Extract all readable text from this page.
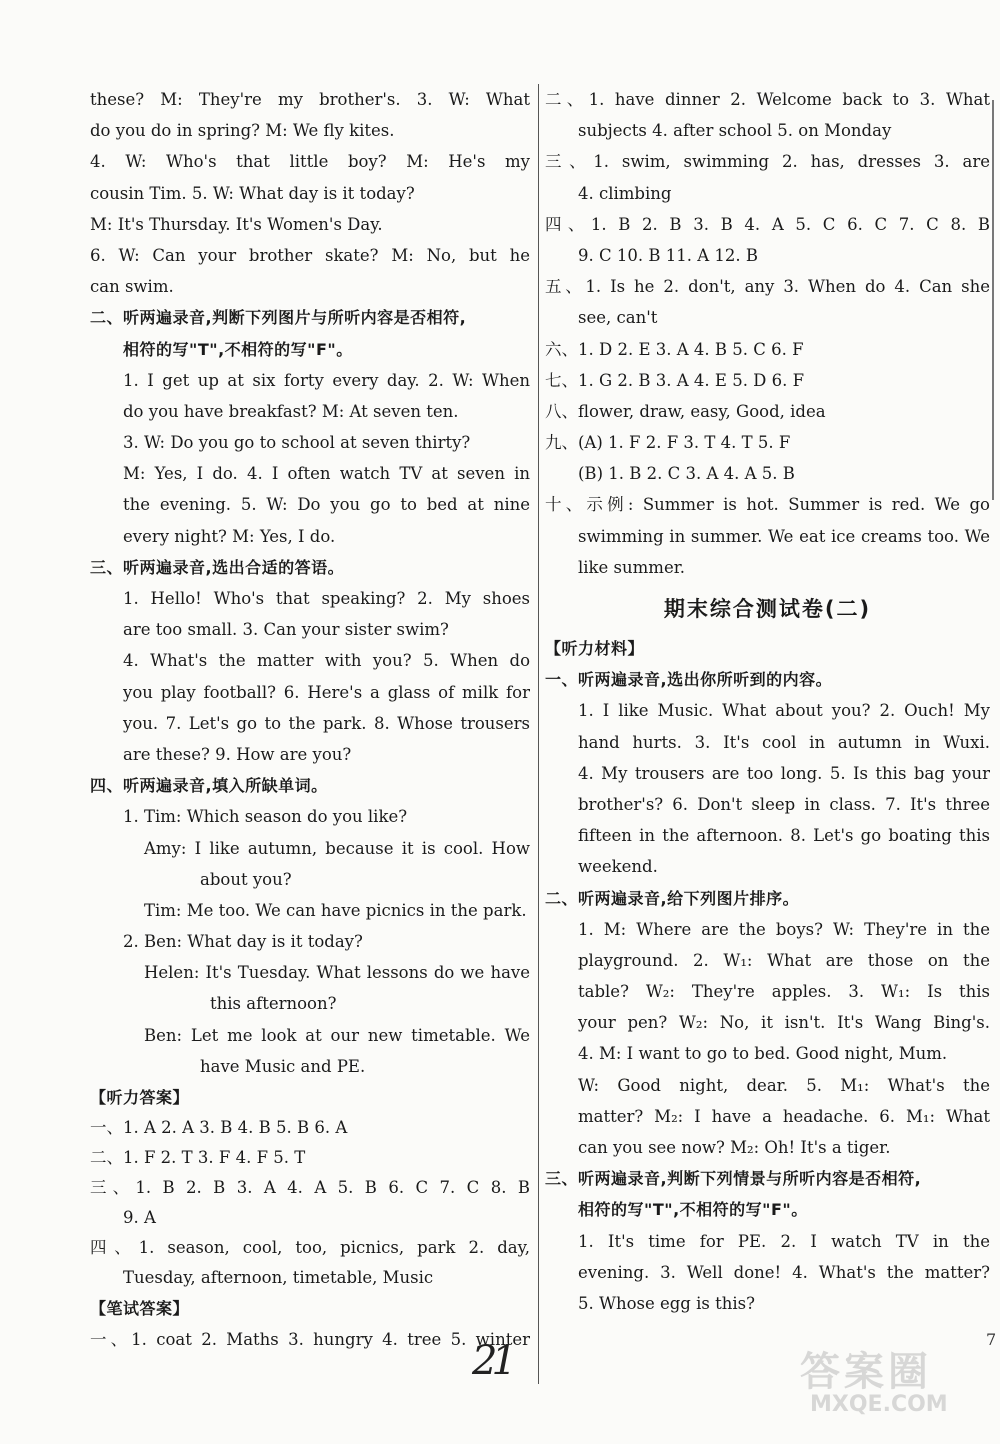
these? M: They're my brother's. 3. W: What
do you do in spring? M: We fly kites.
4. W: Who's that little boy? M: He's my
cousin Tim. 5. W: What day is it today?
M: It's Thursday. It's Women's Day.
6. W: Can your brother skate? M: No, but he
can swim.
二、听两遍录音,判断下列图片与所听内容是否相符,
相符的写"T",不相符的写"F"。
1. I get up at six forty every day. 2. W: When
do you have breakfast? M: At seven ten.
3. W: Do you go to school at seven thirty?
M: Yes, I do. 4. I often watch TV at seven in
the evening. 5. W: Do you go to bed at nine
every night? M: Yes, I do.
三、听两遍录音,选出合适的答语。
1. Hello! Who's that speaking? 2. My shoes
are too small. 3. Can your sister swim?
4. What's the matter with you? 5. When do
you play football? 6. Here's a glass of milk for
you. 7. Let's go to the park. 8. Whose trousers
are these? 9. How are you?
四、听两遍录音,填入所缺单词。
1. Tim: Which season do you like?
Amy: I like autumn, because it is cool. How
about you?
Tim: Me too. We can have picnics in the park.
2. Ben: What day is it today?
Helen: It's Tuesday. What lessons do we have
this afternoon?
Ben: Let me look at our new timetable. We
have Music and PE.
【听力答案】
一、1. A 2. A 3. B 4. B 5. B 6. A
二、1. F 2. T 3. F 4. F 5. T
三、1. B 2. B 3. A 4. A 5. B 6. C 7. C 8. B
9. A
四、1. season, cool, too, picnics, park 2. day,
Tuesday, afternoon, timetable, Music
【笔试答案】
一、1. coat 2. Maths 3. hungry 4. tree 5. winter
二、1. have dinner 2. Welcome back to 3. What
subjects 4. after school 5. on Monday
三、1. swim, swimming 2. has, dresses 3. are
4. climbing
四、1. B 2. B 3. B 4. A 5. C 6. C 7. C 8. B
9. C 10. B 11. A 12. B
五、1. Is he 2. don't, any 3. When do 4. Can she
see, can't
六、1. D 2. E 3. A 4. B 5. C 6. F
七、1. G 2. B 3. A 4. E 5. D 6. F
八、flower, draw, easy, Good, idea
九、(A) 1. F 2. F 3. T 4. T 5. F
(B) 1. B 2. C 3. A 4. A 5. B
十、示例: Summer is hot. Summer is red. We go
swimming in summer. We eat ice creams too. We
like summer.
期末综合测试卷(二)
【听力材料】
一、听两遍录音,选出你所听到的内容。
1. I like Music. What about you? 2. Ouch! My
hand hurts. 3. It's cool in autumn in Wuxi.
4. My trousers are too long. 5. Is this bag your
brother's? 6. Don't sleep in class. 7. It's three
fifteen in the afternoon. 8. Let's go boating this
weekend.
二、听两遍录音,给下列图片排序。
1. M: Where are the boys? W: They're in the
playground. 2. W₁: What are those on the
table? W₂: They're apples. 3. W₁: Is this
your pen? W₂: No, it isn't. It's Wang Bing's.
4. M: I want to go to bed. Good night, Mum.
W: Good night, dear. 5. M₁: What's the
matter? M₂: I have a headache. 6. M₁: What
can you see now? M₂: Oh! It's a tiger.
三、听两遍录音,判断下列情景与所听内容是否相符,
相符的写"T",不相符的写"F"。
1. It's time for PE. 2. I watch TV in the
evening. 3. Well done! 4. What's the matter?
5. Whose egg is this?
21	7
答案圈
MXQE.COM
